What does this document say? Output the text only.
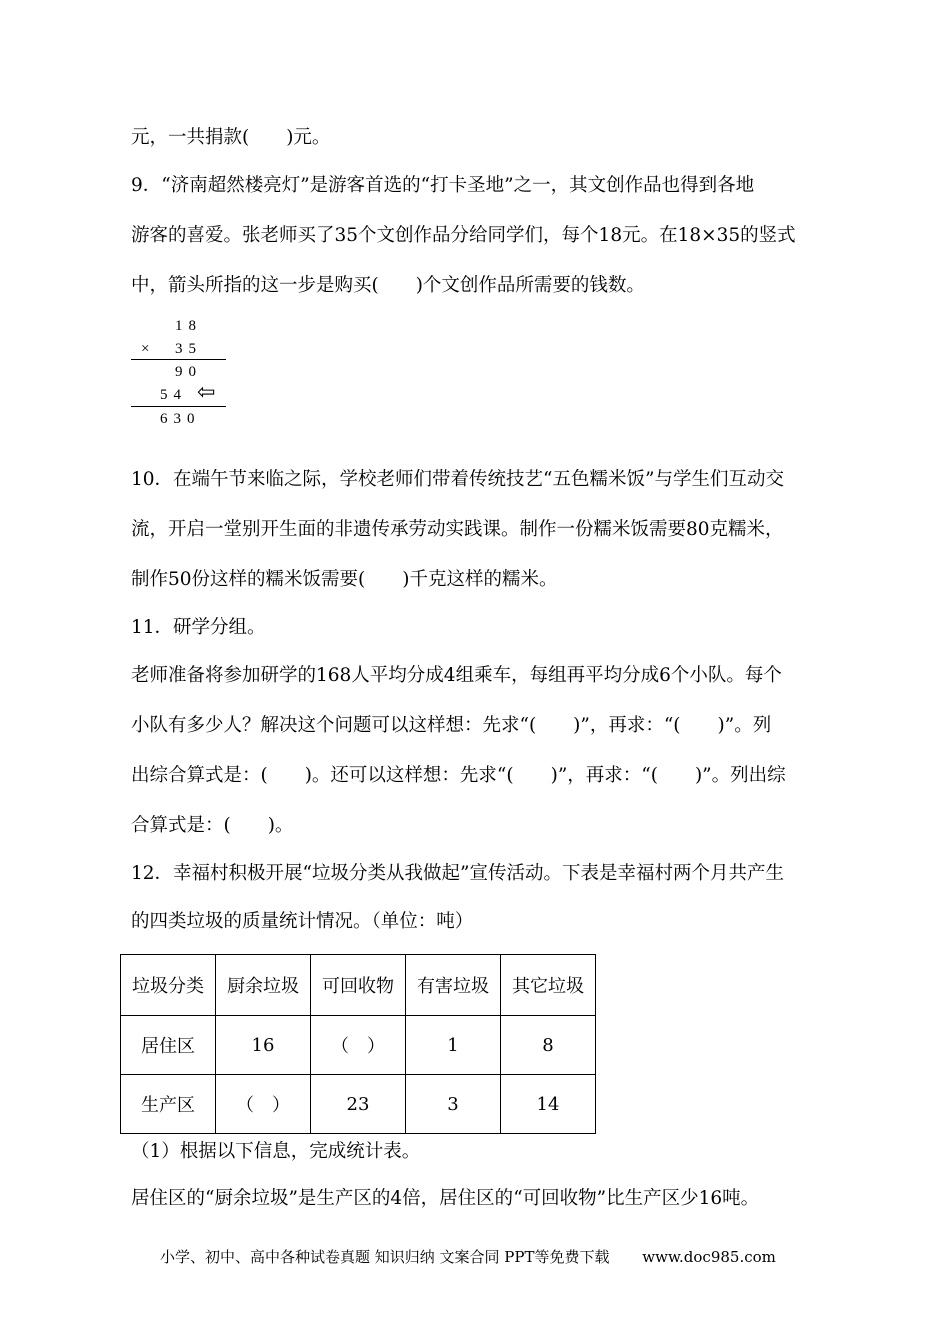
元，一共捐款(　　)元。
9．“济南超然楼亮灯”是游客首选的“打卡圣地”之一，其文创作品也得到各地
游客的喜爱。张老师买了35个文创作品分给同学们，每个18元。在18×35的竖式
中，箭头所指的这一步是购买(　　)个文创作品所需要的钱数。
18
× 35
90
54 ⇦
630
10．在端午节来临之际，学校老师们带着传统技艺“五色糯米饭”与学生们互动交
流，开启一堂别开生面的非遗传承劳动实践课。制作一份糯米饭需要80克糯米，
制作50份这样的糯米饭需要(　　)千克这样的糯米。
11．研学分组。
老师准备将参加研学的168人平均分成4组乘车，每组再平均分成6个小队。每个
小队有多少人？解决这个问题可以这样想：先求“(　　)”，再求：“(　　)”。列
出综合算式是：(　　)。还可以这样想：先求“(　　)”，再求：“(　　)”。列出综
合算式是：(　　)。
12．幸福村积极开展“垃圾分类从我做起”宣传活动。下表是幸福村两个月共产生
的四类垃圾的质量统计情况。（单位：吨）
垃圾分类	厨余垃圾	可回收物	有害垃圾	其它垃圾
居住区	16	（　）	1	8
生产区	（　）	23	3	14
（1）根据以下信息，完成统计表。
居住区的“厨余垃圾”是生产区的4倍，居住区的“可回收物”比生产区少16吨。
小学、初中、高中各种试卷真题 知识归纳 文案合同 PPT等免费下载 www.doc985.com
